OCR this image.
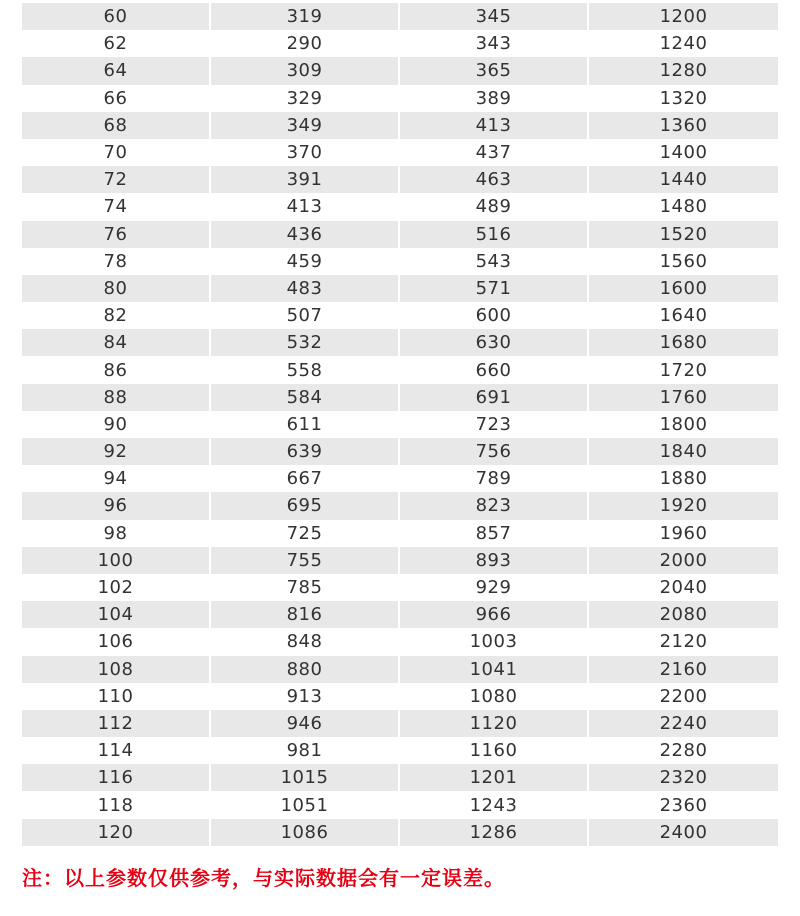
60	319	345	1200
62	290	343	1240
64	309	365	1280
66	329	389	1320
68	349	413	1360
70	370	437	1400
72	391	463	1440
74	413	489	1480
76	436	516	1520
78	459	543	1560
80	483	571	1600
82	507	600	1640
84	532	630	1680
86	558	660	1720
88	584	691	1760
90	611	723	1800
92	639	756	1840
94	667	789	1880
96	695	823	1920
98	725	857	1960
100	755	893	2000
102	785	929	2040
104	816	966	2080
106	848	1003	2120
108	880	1041	2160
110	913	1080	2200
112	946	1120	2240
114	981	1160	2280
116	1015	1201	2320
118	1051	1243	2360
120	1086	1286	2400
注：以上参数仅供参考，与实际数据会有一定误差。
